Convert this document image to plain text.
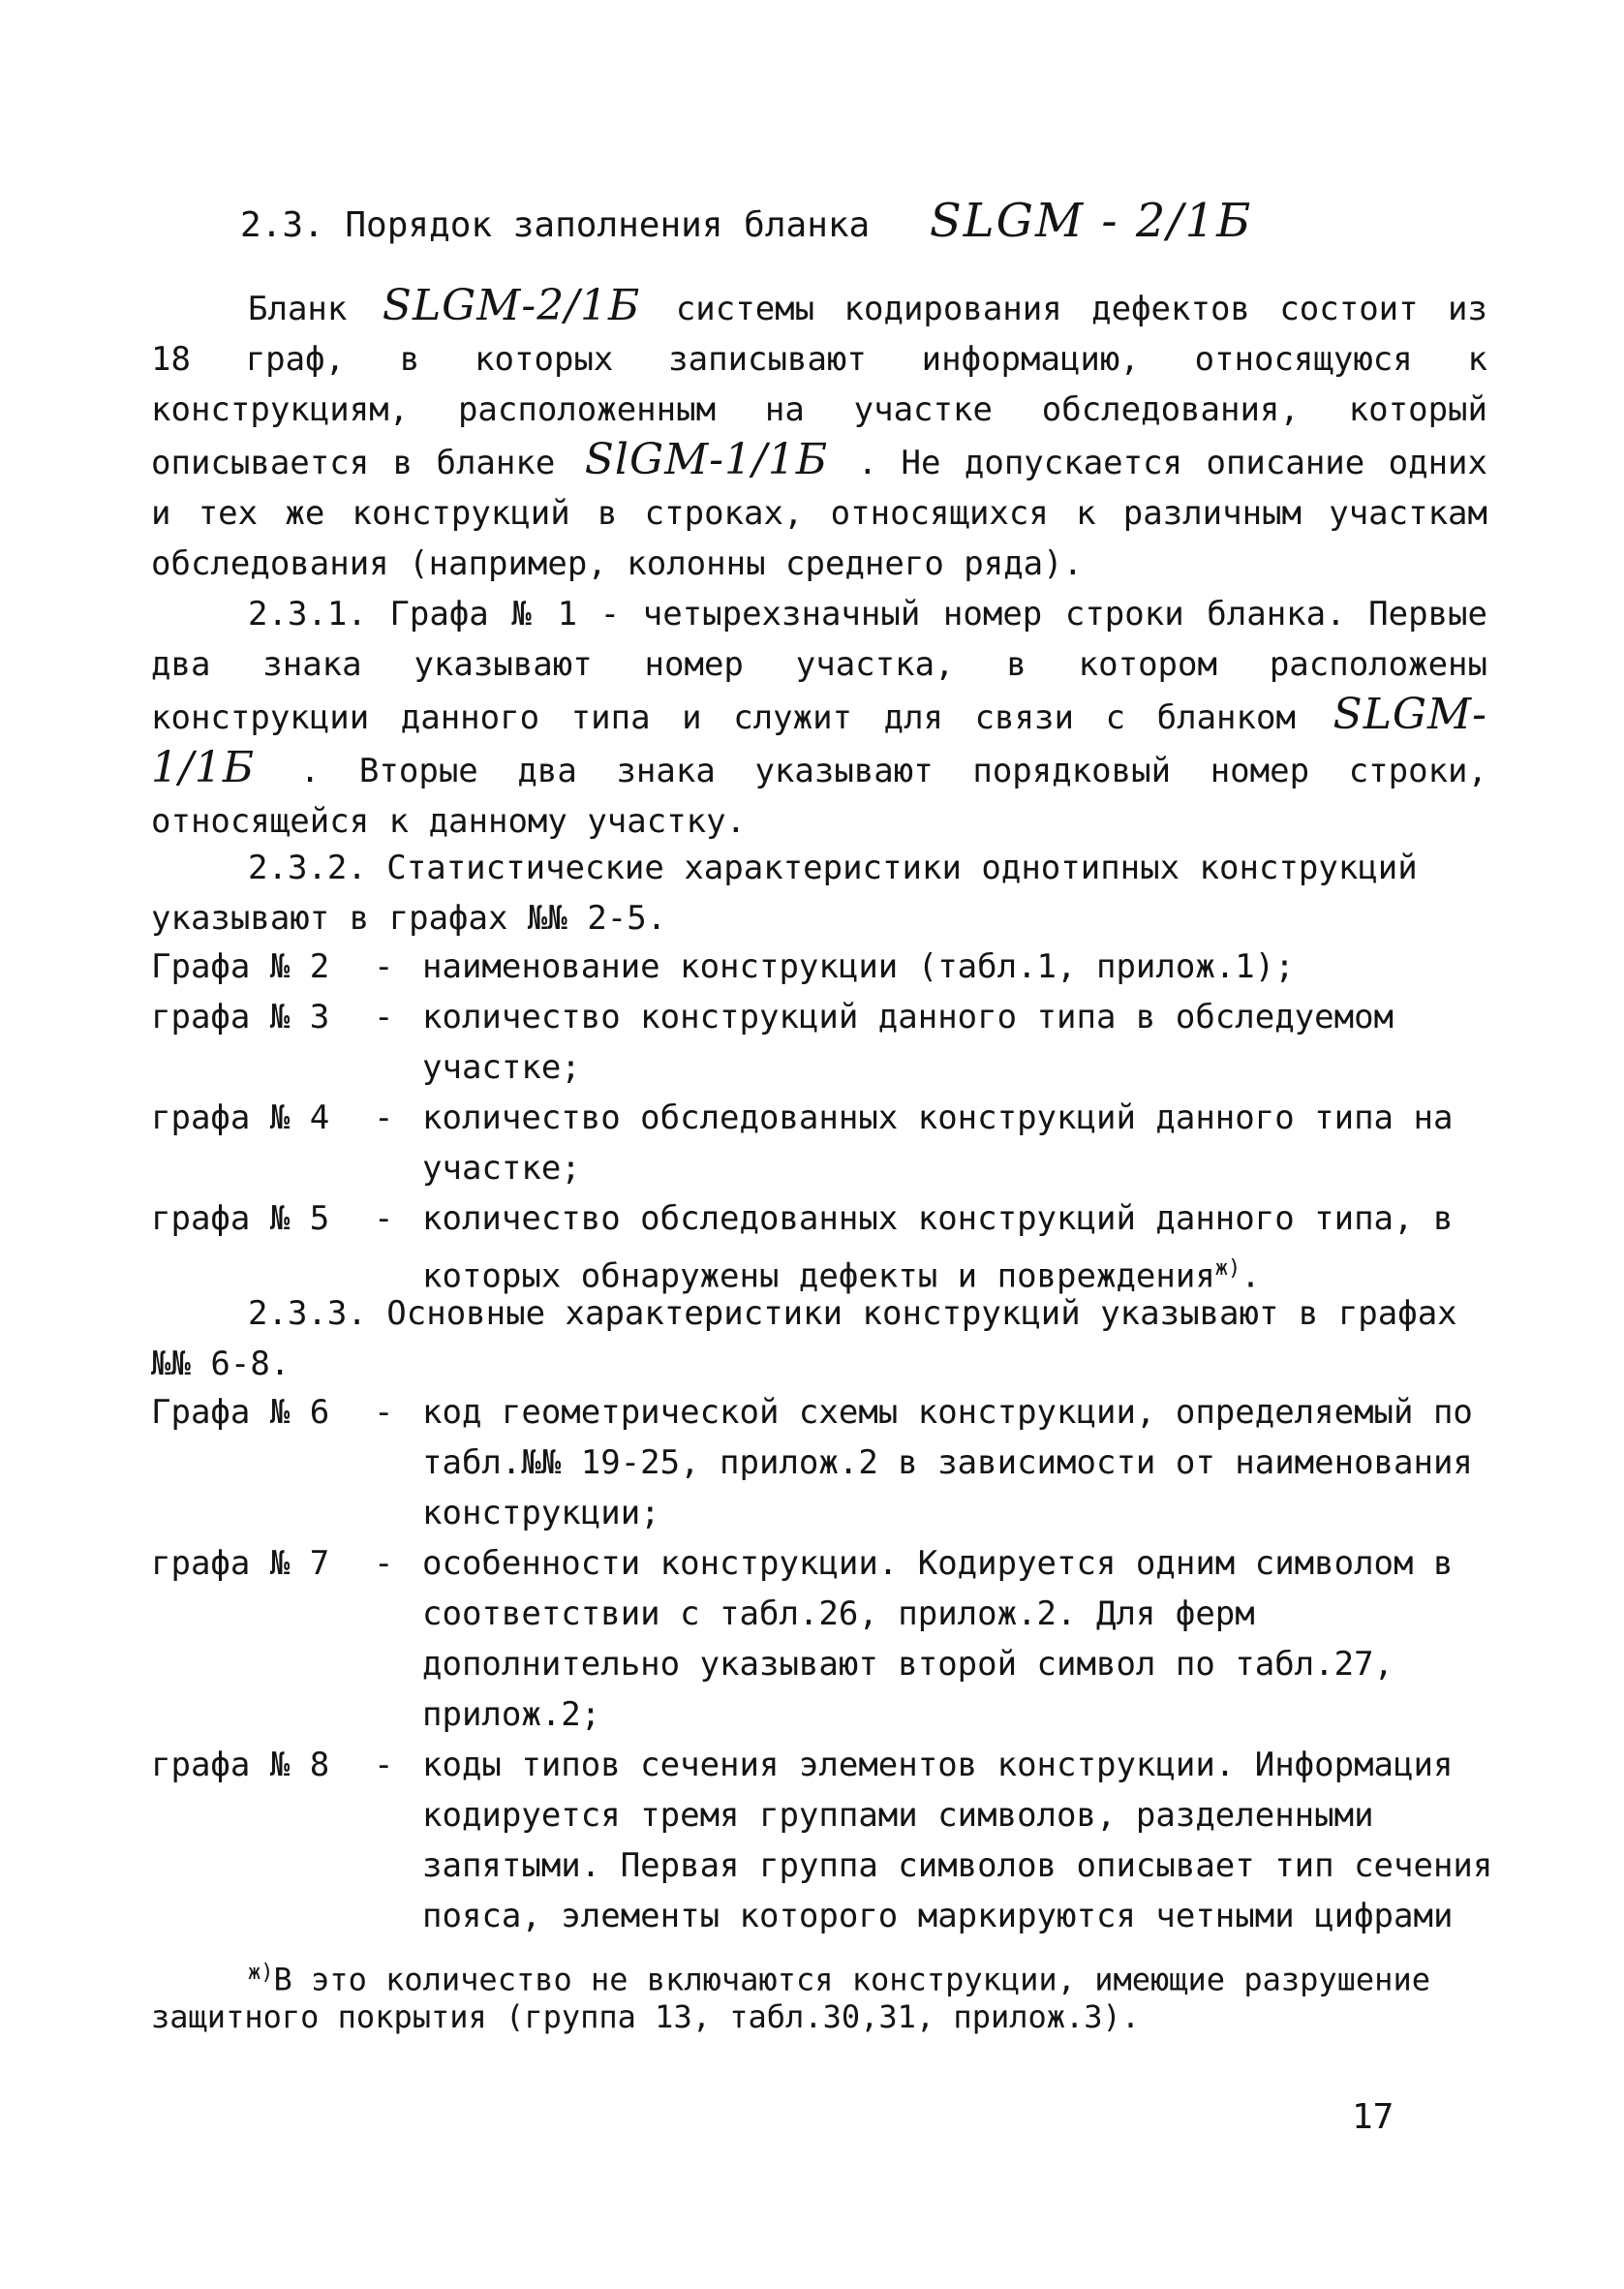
2.3. Порядок заполнения бланка SLGM - 2/1Б
Бланк SLGM-2/1Б системы кодирования дефектов состоит из 18 граф, в которых записывают информацию, относящуюся к конструкциям, расположенным на участке обследования, который описывается в бланке SlGM-1/1Б . Не допускается описание одних и тех же конструкций в строках, относящихся к различным участкам обследования (например, колонны среднего ряда).
2.3.1. Графа № 1 - четырехзначный номер строки бланка. Первые два знака указывают номер участка, в котором расположены конструкции данного типа и служит для связи с бланком SLGM-1/1Б . Вторые два знака указывают порядковый номер строки, относящейся к данному участку.
2.3.2. Статистические характеристики однотипных конструкций указывают в графах №№ 2-5.
Графа № 2	- наименование конструкции (табл.1, прилож.1);
графа № 3	- количество конструкций данного типа в обследуемом участке;
графа № 4	- количество обследованных конструкций данного типа на участке;
графа № 5	- количество обследованных конструкций данного типа, в которых обнаружены дефекты и повреждения$^{ж)}$.
2.3.3. Основные характеристики конструкций указывают в графах №№ 6-8.
Графа № 6	- код геометрической схемы конструкции, определяемый по табл.№№ 19-25, прилож.2 в зависимости от наименования конструкции;
графа № 7	- особенности конструкции. Кодируется одним символом в соответствии с табл.26, прилож.2. Для ферм дополнительно указывают второй символ по табл.27, прилож.2;
графа № 8	- коды типов сечения элементов конструкции. Информация кодируется тремя группами символов, разделенными запятыми. Первая группа символов описывает тип сечения пояса, элементы которого маркируются четными цифрами
$^{ж)}$В это количество не включаются конструкции, имеющие разрушение защитного покрытия (группа 13, табл.30,31, прилож.3).
17
